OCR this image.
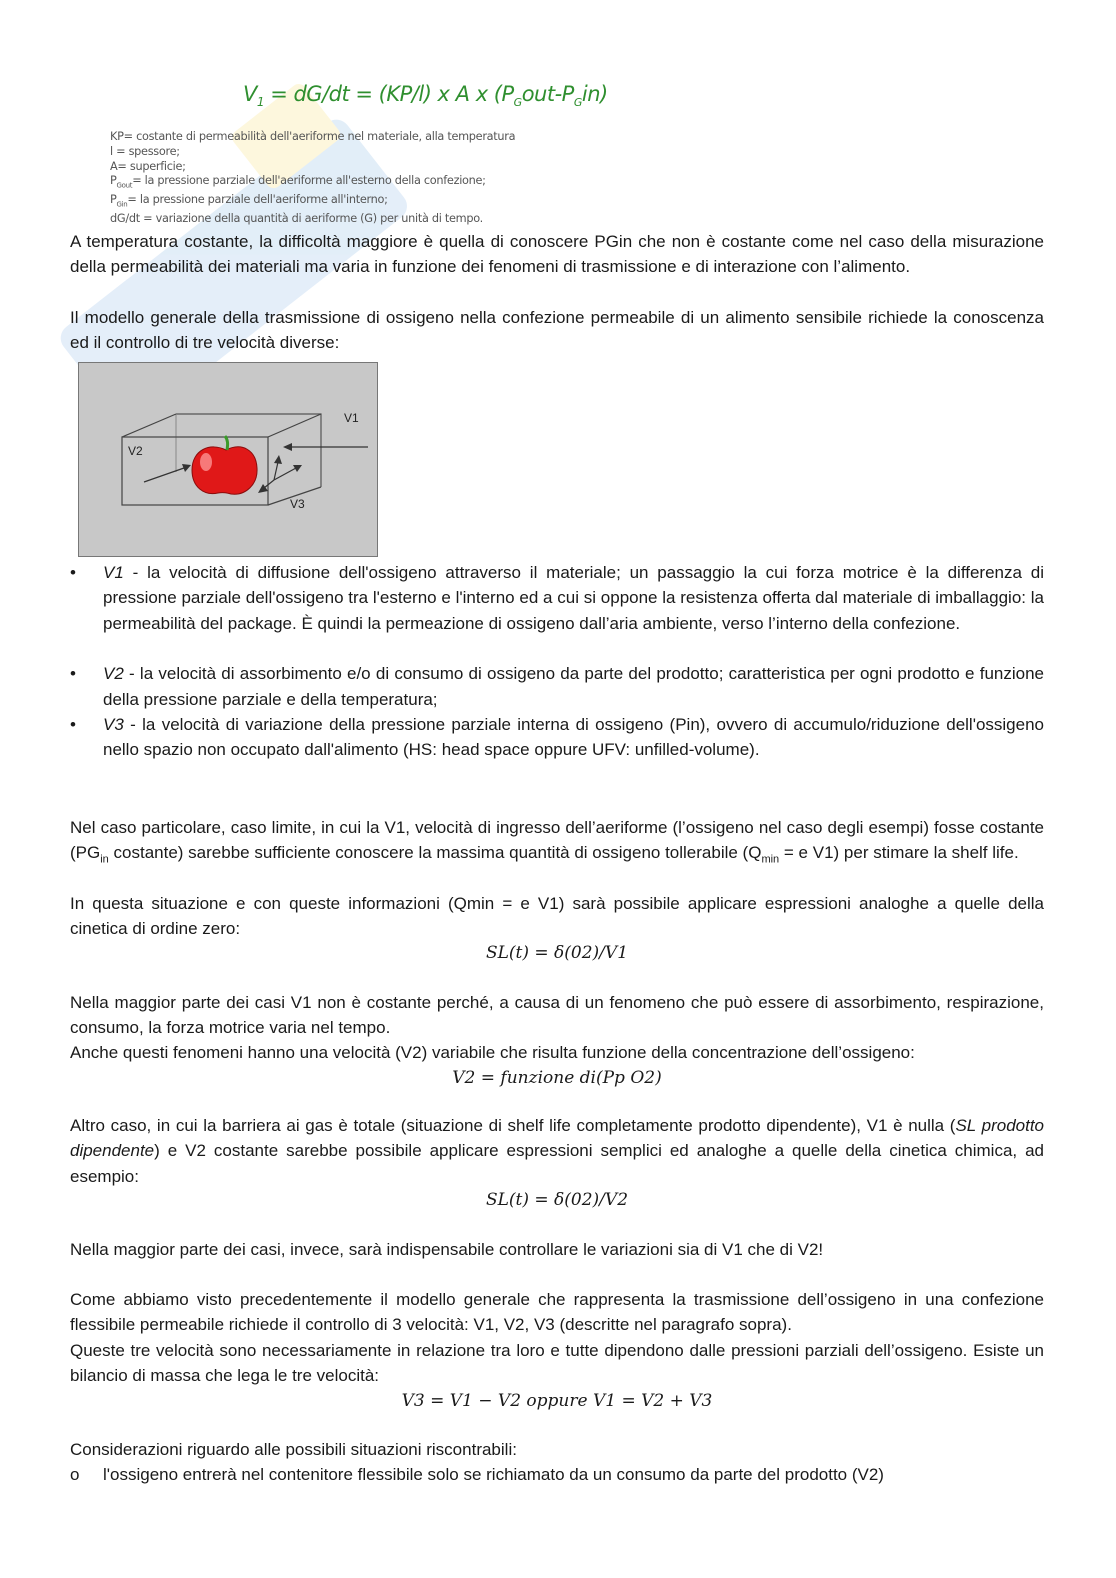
$V_1 = dG/dt = (KP/l)$ x A x $(P_Gout-P_Gin)$
KP= costante di permeabilità dell'aeriforme nel materiale, alla temperatura
l = spessore;
A= superficie;
$P_{Gout}=$ la pressione parziale dell'aeriforme all'esterno della confezione;
$P_{Gin}=$ la pressione parziale dell'aeriforme all'interno;
dG/dt = variazione della quantità di aeriforme (G) per unità di tempo.

A temperatura costante, la difficoltà maggiore è quella di conoscere PGin che non è costante come nel caso della misurazione della permeabilità dei materiali ma varia in funzione dei fenomeni di trasmissione e di interazione con l’alimento.

Il modello generale della trasmissione di ossigeno nella confezione permeabile di un alimento sensibile richiede la conoscenza ed il controllo di tre velocità diverse:

V1
V2
V3
• V1 - la velocità di diffusione dell'ossigeno attraverso il materiale; un passaggio la cui forza motrice è la differenza di pressione parziale dell'ossigeno tra l'esterno e l'interno ed a cui si oppone la resistenza offerta dal materiale di imballaggio: la permeabilità del package. È quindi la permeazione di ossigeno dall’aria ambiente, verso l’interno della confezione.
• V2 - la velocità di assorbimento e/o di consumo di ossigeno da parte del prodotto; caratteristica per ogni prodotto e funzione della pressione parziale e della temperatura;
• V3 - la velocità di variazione della pressione parziale interna di ossigeno (Pin), ovvero di accumulo/riduzione dell'ossigeno nello spazio non occupato dall'alimento (HS: head space oppure UFV: unfilled-volume).

Nel caso particolare, caso limite, in cui la V1, velocità di ingresso dell’aeriforme (l’ossigeno nel caso degli esempi) fosse costante ($PG_{in}$ costante) sarebbe sufficiente conoscere la massima quantità di ossigeno tollerabile ($Q_{min} = e$ V1) per stimare la shelf life.

In questa situazione e con queste informazioni (Qmin = e V1) sarà possibile applicare espressioni analoghe a quelle della cinetica di ordine zero:

SL(t) = δ(02)/V1

Nella maggior parte dei casi V1 non è costante perché, a causa di un fenomeno che può essere di assorbimento, respirazione, consumo, la forza motrice varia nel tempo.

Anche questi fenomeni hanno una velocità (V2) variabile che risulta funzione della concentrazione dell’ossigeno:

V2 = funzione di(Pp O2)

Altro caso, in cui la barriera ai gas è totale (situazione di shelf life completamente prodotto dipendente), V1 è nulla (SL prodotto dipendente) e V2 costante sarebbe possibile applicare espressioni semplici ed analoghe a quelle della cinetica chimica, ad esempio:

SL(t) = δ(02)/V2

Nella maggior parte dei casi, invece, sarà indispensabile controllare le variazioni sia di V1 che di V2!

Come abbiamo visto precedentemente il modello generale che rappresenta la trasmissione dell’ossigeno in una confezione flessibile permeabile richiede il controllo di 3 velocità: V1, V2, V3 (descritte nel paragrafo sopra).

Queste tre velocità sono necessariamente in relazione tra loro e tutte dipendono dalle pressioni parziali dell’ossigeno. Esiste un bilancio di massa che lega le tre velocità:

V3 = V1 − V2 oppure V1 = V2 + V3

Considerazioni riguardo alle possibili situazioni riscontrabili:

o l'ossigeno entrerà nel contenitore flessibile solo se richiamato da un consumo da parte del prodotto (V2)
